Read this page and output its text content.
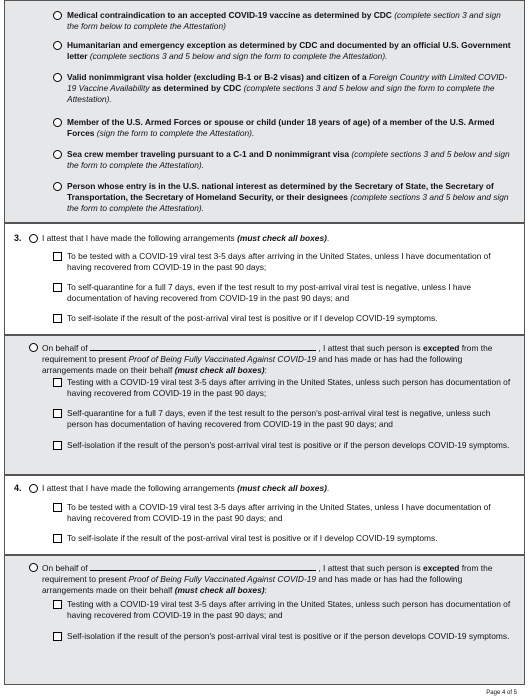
Medical contraindication to an accepted COVID-19 vaccine as determined by CDC (complete section 3 and sign the form below to complete the Attestation)
Humanitarian and emergency exception as determined by CDC and documented by an official U.S. Government letter (complete sections 3 and 5 below and sign the form to complete the Attestation).
Valid nonimmigrant visa holder (excluding B-1 or B-2 visas) and citizen of a Foreign Country with Limited COVID-19 Vaccine Availability as determined by CDC (complete sections 3 and 5 below and sign the form to complete the Attestation).
Member of the U.S. Armed Forces or spouse or child (under 18 years of age) of a member of the U.S. Armed Forces (sign the form to complete the Attestation).
Sea crew member traveling pursuant to a C-1 and D nonimmigrant visa (complete sections 3 and 5 below and sign the form to complete the Attestation).
Person whose entry is in the U.S. national interest as determined by the Secretary of State, the Secretary of Transportation, the Secretary of Homeland Security, or their designees (complete sections 3 and 5 below and sign the form to complete the Attestation).
3. I attest that I have made the following arrangements (must check all boxes).
To be tested with a COVID-19 viral test 3-5 days after arriving in the United States, unless I have documentation of having recovered from COVID-19 in the past 90 days;
To self-quarantine for a full 7 days, even if the test result to my post-arrival viral test is negative, unless I have documentation of having recovered from COVID-19 in the past 90 days; and
To self-isolate if the result of the post-arrival viral test is positive or if I develop COVID-19 symptoms.
On behalf of	, I attest that such person is excepted from the requirement to present Proof of Being Fully Vaccinated Against COVID-19 and has made or has had the following arrangements made on their behalf (must check all boxes):
Testing with a COVID-19 viral test 3-5 days after arriving in the United States, unless such person has documentation of having recovered from COVID-19 in the past 90 days;
Self-quarantine for a full 7 days, even if the test result to the person's post-arrival viral test is negative, unless such person has documentation of having recovered from COVID-19 in the past 90 days; and
Self-isolation if the result of the person's post-arrival viral test is positive or if the person develops COVID-19 symptoms.
4. I attest that I have made the following arrangements (must check all boxes).
To be tested with a COVID-19 viral test 3-5 days after arriving in the United States, unless I have documentation of having recovered from COVID-19 in the past 90 days; and
To self-isolate if the result of the post-arrival viral test is positive or if I develop COVID-19 symptoms.
On behalf of	, I attest that such person is excepted from the requirement to present Proof of Being Fully Vaccinated Against COVID-19 and has made or has had the following arrangements made on their behalf (must check all boxes):
Testing with a COVID-19 viral test 3-5 days after arriving in the United States, unless such person has documentation of having recovered from COVID-19 in the past 90 days; and
Self-isolation if the result of the person's post-arrival viral test is positive or if the person develops COVID-19 symptoms.
Page 4 of 5
